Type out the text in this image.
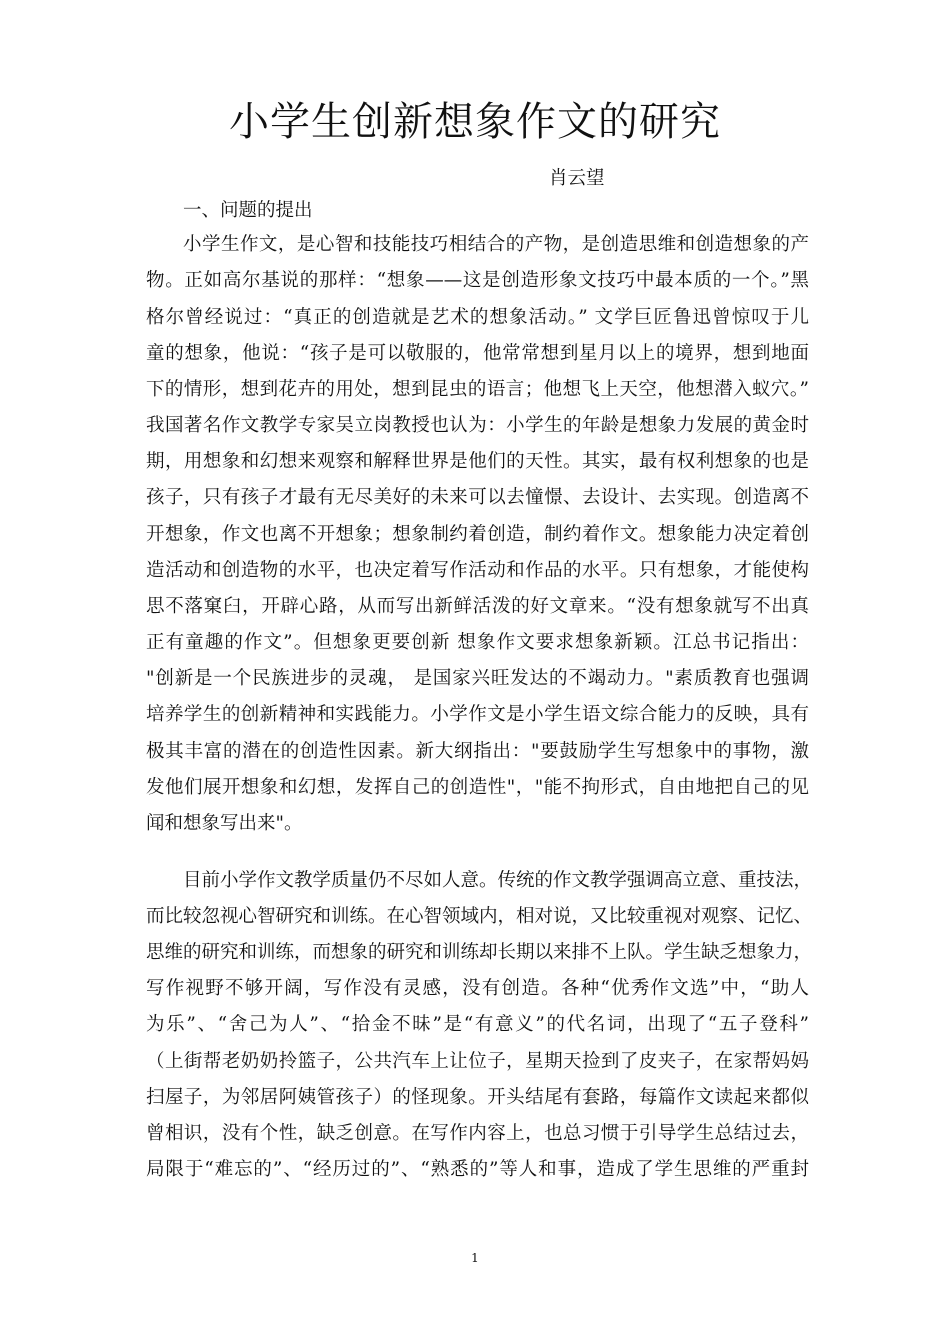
小学生创新想象作文的研究
肖云望
一、问题的提出
小学生作文，是心智和技能技巧相结合的产物，是创造思维和创造想象的产
物。正如高尔基说的那样：“想象——这是创造形象文技巧中最本质的一个。”黑
格尔曾经说过：“真正的创造就是艺术的想象活动。” 文学巨匠鲁迅曾惊叹于儿
童的想象，他说：“孩子是可以敬服的，他常常想到星月以上的境界，想到地面
下的情形，想到花卉的用处，想到昆虫的语言；他想飞上天空，他想潜入蚁穴。”
我国著名作文教学专家吴立岗教授也认为：小学生的年龄是想象力发展的黄金时
期，用想象和幻想来观察和解释世界是他们的天性。其实，最有权利想象的也是
孩子，只有孩子才最有无尽美好的未来可以去憧憬、去设计、去实现。创造离不
开想象，作文也离不开想象；想象制约着创造，制约着作文。想象能力决定着创
造活动和创造物的水平，也决定着写作活动和作品的水平。只有想象，才能使构
思不落窠臼，开辟心路，从而写出新鲜活泼的好文章来。“没有想象就写不出真
正有童趣的作文”。但想象更要创新 想象作文要求想象新颖。江总书记指出：
"创新是一个民族进步的灵魂， 是国家兴旺发达的不竭动力。"素质教育也强调
培养学生的创新精神和实践能力。小学作文是小学生语文综合能力的反映，具有
极其丰富的潜在的创造性因素。新大纲指出："要鼓励学生写想象中的事物，激
发他们展开想象和幻想，发挥自己的创造性"，"能不拘形式，自由地把自己的见
闻和想象写出来"。
目前小学作文教学质量仍不尽如人意。传统的作文教学强调高立意、重技法，
而比较忽视心智研究和训练。在心智领域内，相对说，又比较重视对观察、记忆、
思维的研究和训练，而想象的研究和训练却长期以来排不上队。学生缺乏想象力，
写作视野不够开阔，写作没有灵感，没有创造。各种“优秀作文选”中，“助人
为乐”、“舍己为人”、“拾金不昧”是“有意义”的代名词，出现了“五子登科”
（上街帮老奶奶拎篮子，公共汽车上让位子，星期天捡到了皮夹子，在家帮妈妈
扫屋子，为邻居阿姨管孩子）的怪现象。开头结尾有套路，每篇作文读起来都似
曾相识，没有个性，缺乏创意。在写作内容上，也总习惯于引导学生总结过去，
局限于“难忘的”、“经历过的”、“熟悉的”等人和事，造成了学生思维的严重封
1
